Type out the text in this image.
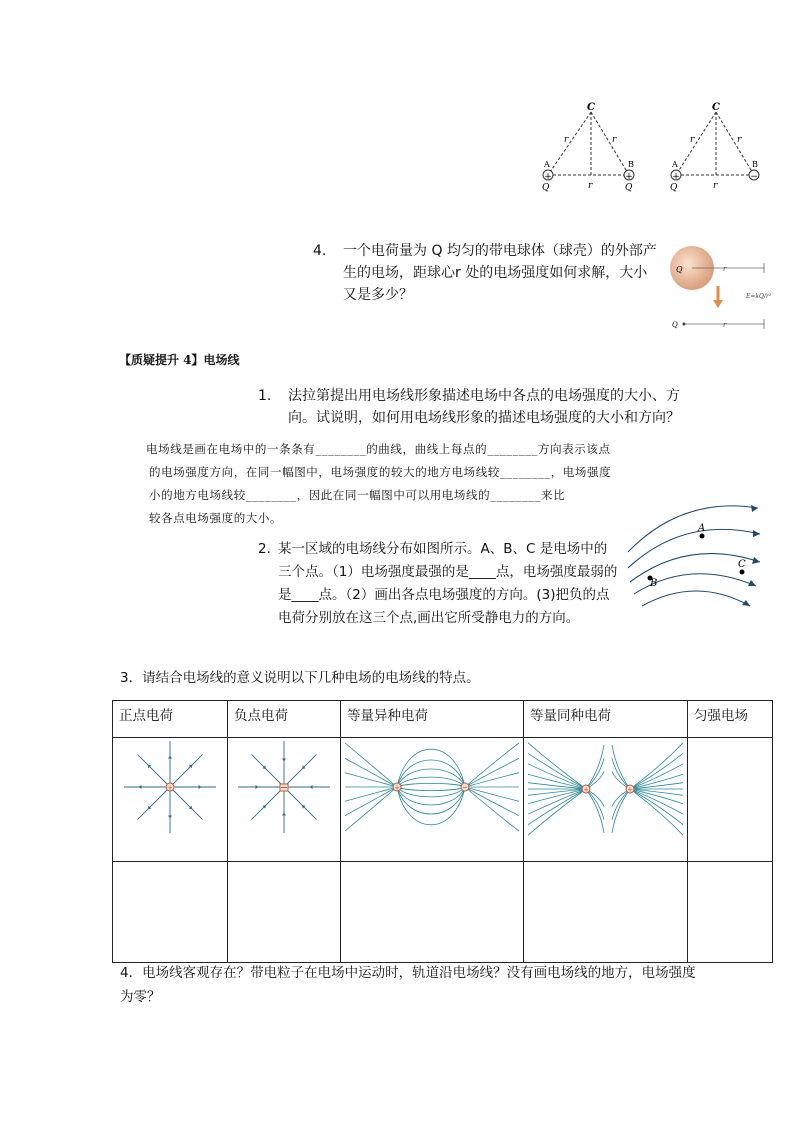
+	+
C
A	B
r	r
r
Q	Q
+	−
C
A	B
r	r
r
Q
4.	一个电荷量为 Q 均匀的带电球体（球壳）的外部产生的电场，距球心r 处的电场强度如何求解，大小又是多少？
Q	r
E=kQ/r²
Q	r
【质疑提升 4】电场线
1.	法拉第提出用电场线形象描述电场中各点的电场强度的大小、方向。试说明，如何用电场线形象的描述电场强度的大小和方向？
电场线是画在电场中的一条条有________的曲线，曲线上每点的________方向表示该点
的电场强度方向，在同一幅图中，电场强度的较大的地方电场线较________，电场强度
小的地方电场线较________，因此在同一幅图中可以用电场线的________来比
较各点电场强度的大小。
2. 某一区域的电场线分布如图所示。A、B、C 是电场中的三个点。（1）电场强度最强的是____点，电场强度最弱的是____点。（2）画出各点电场强度的方向。(3)把负的点电荷分别放在这三个点,画出它所受静电力的方向。
A
B
C
3．请结合电场线的意义说明以下几种电场的电场线的特点。
正点电荷	负点电荷	等量异种电荷	等量同种电荷	匀强电场

+		+ −	+ +	

4．电场线客观存在？带电粒子在电场中运动时，轨道沿电场线？没有画电场线的地方，电场强度为零？
